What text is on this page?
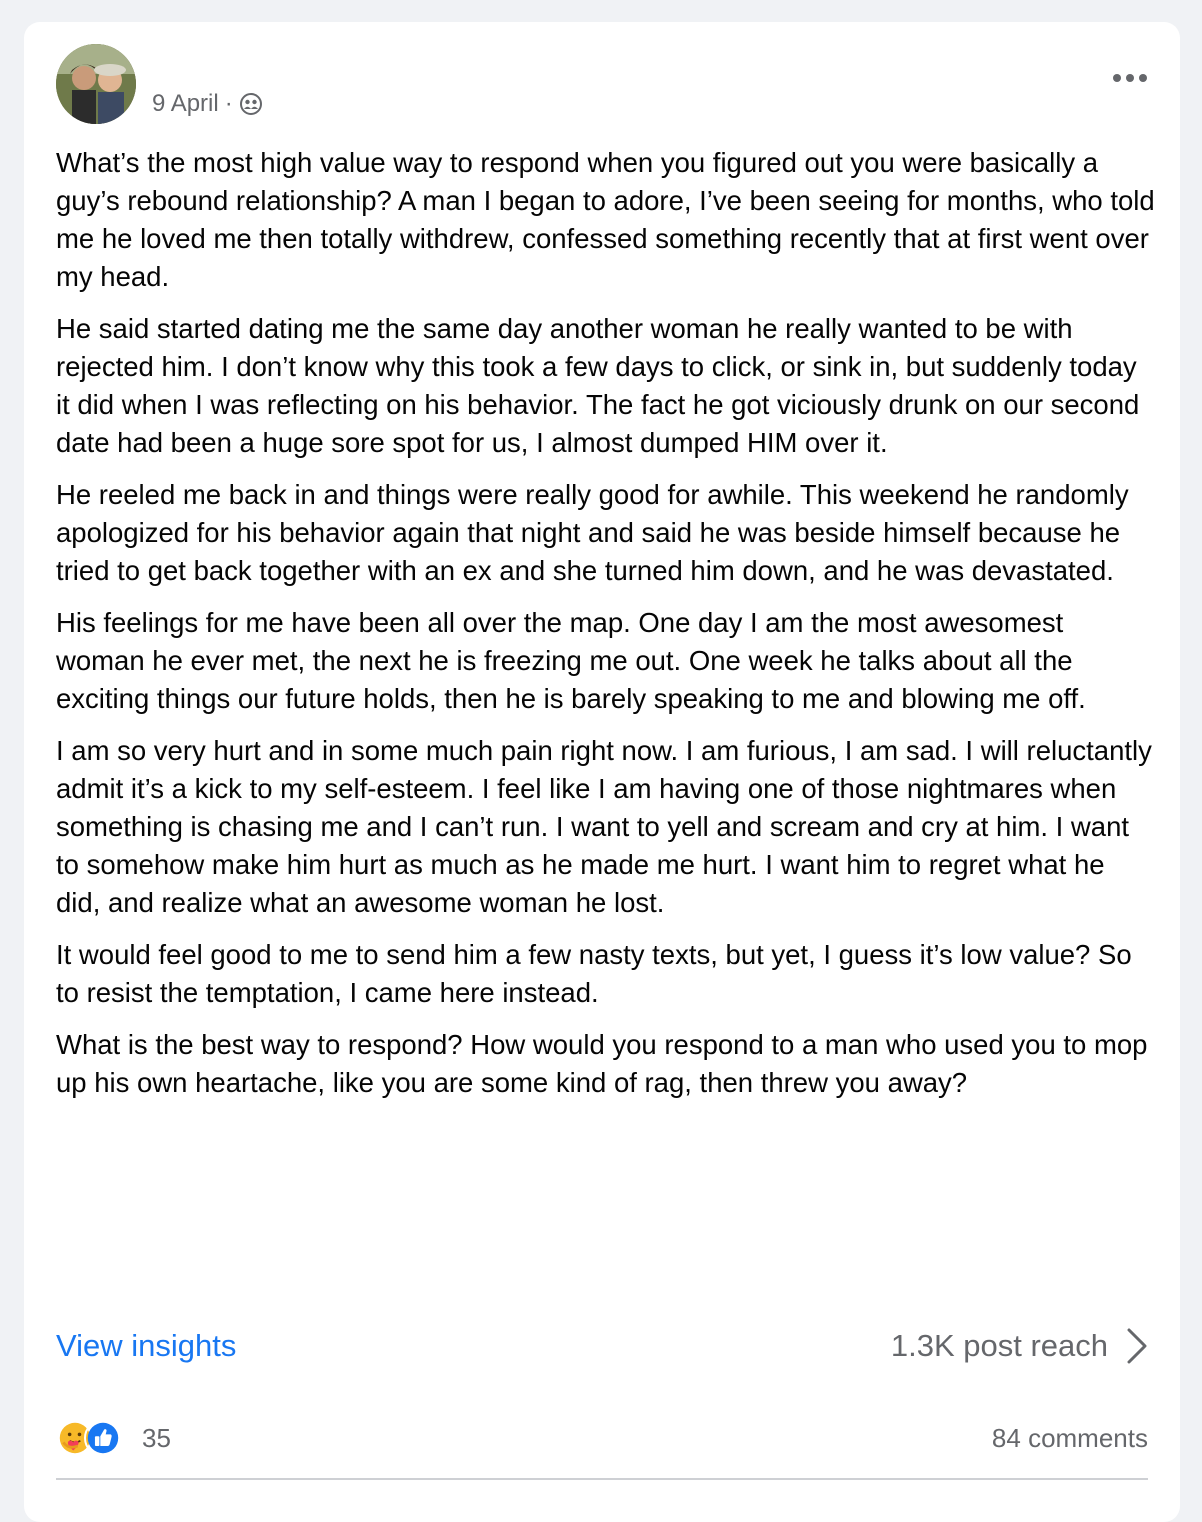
9 April ·

What’s the most high value way to respond when you figured out you were basically a guy’s rebound relationship? A man I began to adore, I’ve been seeing for months, who told me he loved me then totally withdrew, confessed something recently that at first went over my head.

He said started dating me the same day another woman he really wanted to be with rejected him. I don’t know why this took a few days to click, or sink in, but suddenly today it did when I was reflecting on his behavior. The fact he got viciously drunk on our second date had been a huge sore spot for us, I almost dumped HIM over it.

He reeled me back in and things were really good for awhile. This weekend he randomly apologized for his behavior again that night and said he was beside himself because he tried to get back together with an ex and she turned him down, and he was devastated.

His feelings for me have been all over the map. One day I am the most awesomest woman he ever met, the next he is freezing me out. One week he talks about all the exciting things our future holds, then he is barely speaking to me and blowing me off.

I am so very hurt and in some much pain right now. I am furious, I am sad. I will reluctantly admit it’s a kick to my self-esteem. I feel like I am having one of those nightmares when something is chasing me and I can’t run. I want to yell and scream and cry at him. I want to somehow make him hurt as much as he made me hurt. I want him to regret what he did, and realize what an awesome woman he lost.

It would feel good to me to send him a few nasty texts, but yet, I guess it’s low value? So to resist the temptation, I came here instead.

What is the best way to respond? How would you respond to a man who used you to mop up his own heartache, like you are some kind of rag, then threw you away?

View insights	1.3K post reach
35	84 comments
